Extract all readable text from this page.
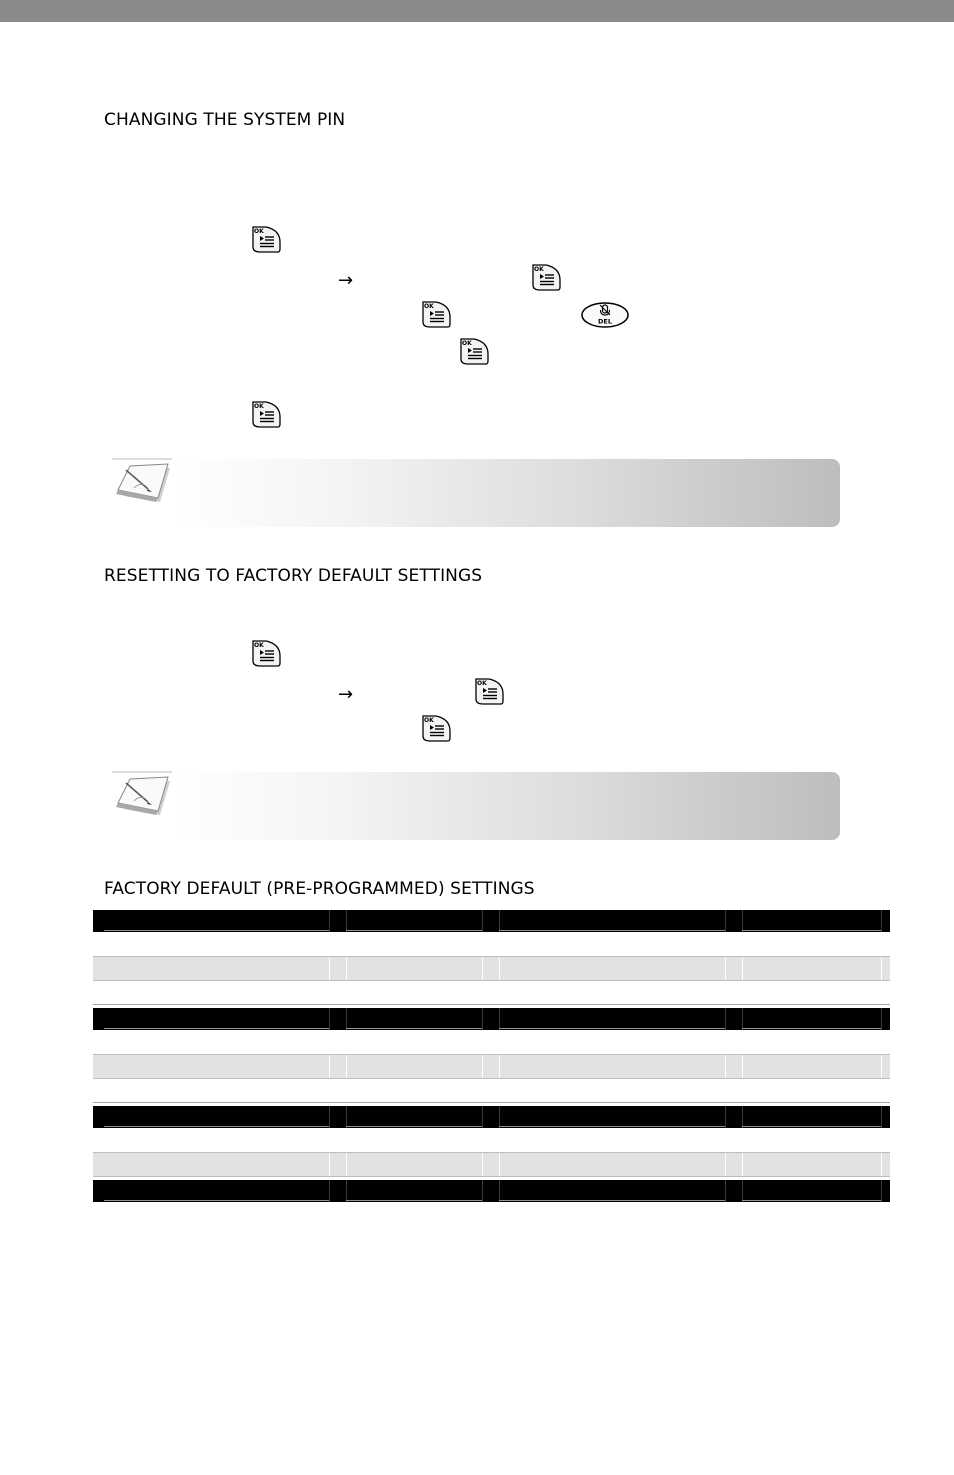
CHANGING THE SYSTEM PIN
OK
→
OK
OK
DEL
OK
OK
RESETTING TO FACTORY DEFAULT SETTINGS
OK
→
OK
OK
FACTORY DEFAULT (PRE-PROGRAMMED) SETTINGS
